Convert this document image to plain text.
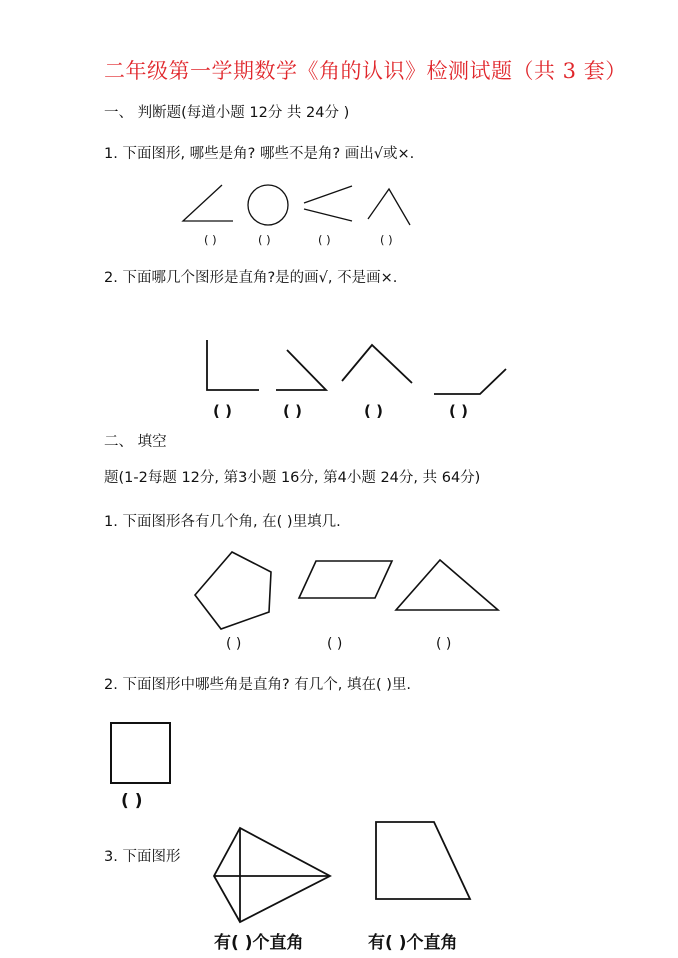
二年级第一学期数学《角的认识》检测试题（共 3 套）
一、 判断题(每道小题 12分 共 24分 )
1. 下面图形, 哪些是角? 哪些不是角? 画出√或×.
2. 下面哪几个图形是直角?是的画√, 不是画×.
二、 填空
题(1-2每题 12分, 第3小题 16分, 第4小题 24分, 共 64分)
1. 下面图形各有几个角, 在( )里填几.
2. 下面图形中哪些角是直角? 有几个, 填在( )里.
3. 下面图形
( )	( )	( )	( )
( )	( )	( )	( )
( )	( )	( )
( )
有( )个直角	有( )个直角
